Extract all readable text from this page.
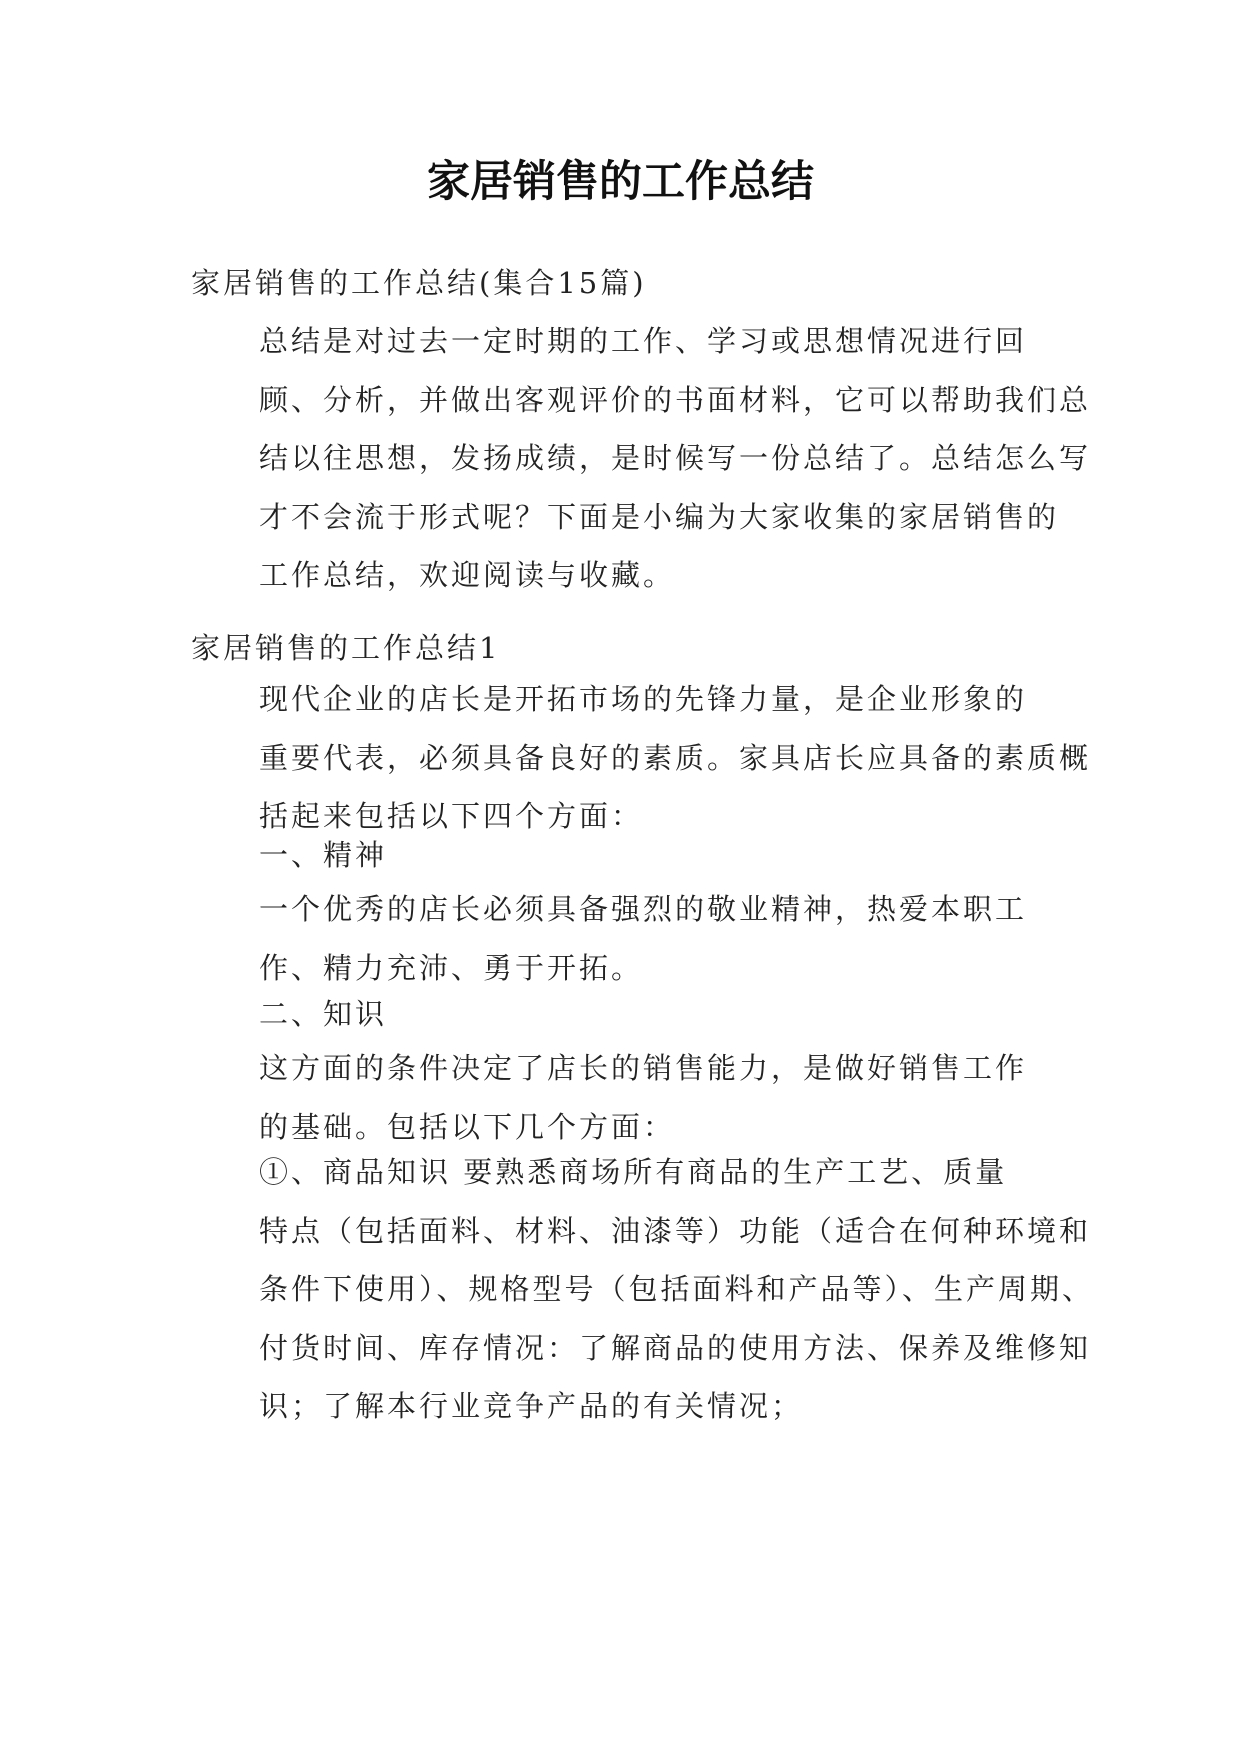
家居销售的工作总结

家居销售的工作总结(集合15篇)

总结是对过去一定时期的工作、学习或思想情况进行回
顾、分析，并做出客观评价的书面材料，它可以帮助我们总
结以往思想，发扬成绩，是时候写一份总结了。总结怎么写
才不会流于形式呢？下面是小编为大家收集的家居销售的
工作总结，欢迎阅读与收藏。

家居销售的工作总结1

现代企业的店长是开拓市场的先锋力量，是企业形象的
重要代表，必须具备良好的素质。家具店长应具备的素质概
括起来包括以下四个方面：

一、精神

一个优秀的店长必须具备强烈的敬业精神，热爱本职工
作、精力充沛、勇于开拓。

二、知识

这方面的条件决定了店长的销售能力，是做好销售工作
的基础。包括以下几个方面：

①、商品知识 要熟悉商场所有商品的生产工艺、质量
特点（包括面料、材料、油漆等）功能（适合在何种环境和
条件下使用）、规格型号（包括面料和产品等）、生产周期、
付货时间、库存情况：了解商品的使用方法、保养及维修知
识；了解本行业竞争产品的有关情况；
